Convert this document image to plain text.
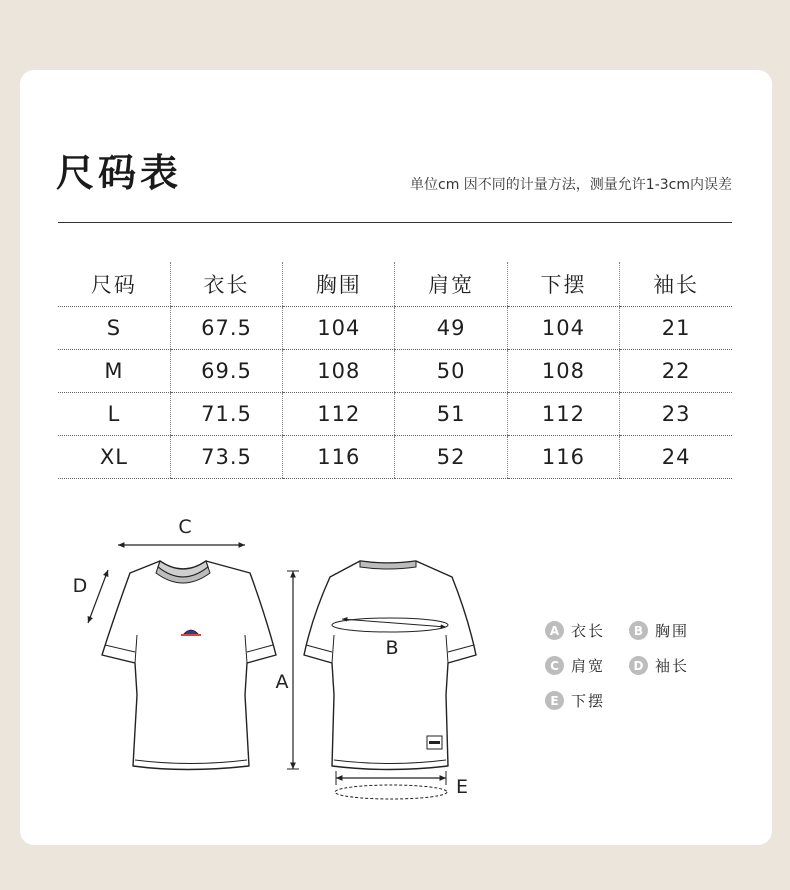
尺码表	单位cm 因不同的计量方法，测量允许1-3cm内误差
尺码	衣长	胸围	肩宽	下摆	袖长
S	67.5	104	49	104	21
M	69.5	108	50	108	22
L	71.5	112	51	112	23
XL	73.5	116	52	116	24
C
D
A
B
E
A 衣长	B 胸围
C 肩宽	D 袖长
E 下摆
